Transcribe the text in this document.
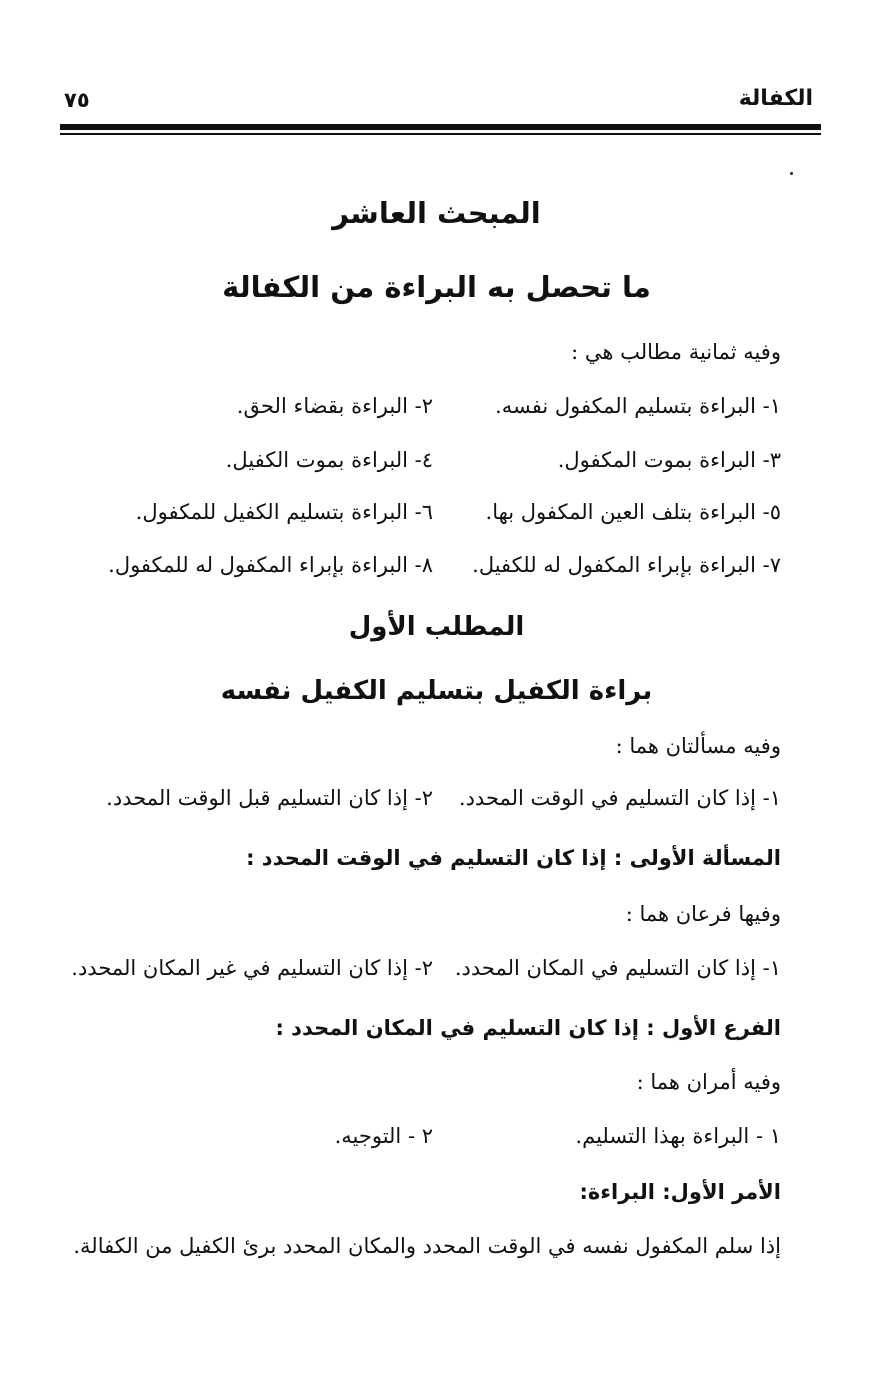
الكفالة
٧٥
المبحث العاشر
ما تحصل به البراءة من الكفالة
وفيه ثمانية مطالب هي :
١- البراءة بتسليم المكفول نفسه.
٢- البراءة بقضاء الحق.
٣- البراءة بموت المكفول.
٤- البراءة بموت الكفيل.
٥- البراءة بتلف العين المكفول بها.
٦- البراءة بتسليم الكفيل للمكفول.
٧- البراءة بإبراء المكفول له للكفيل.
٨- البراءة بإبراء المكفول له للمكفول.
المطلب الأول
براءة الكفيل بتسليم الكفيل نفسه
وفيه مسألتان هما :
١- إذا كان التسليم في الوقت المحدد.
٢- إذا كان التسليم قبل الوقت المحدد.
المسألة الأولى : إذا كان التسليم في الوقت المحدد :
وفيها فرعان هما :
١- إذا كان التسليم في المكان المحدد.
٢- إذا كان التسليم في غير المكان المحدد.
الفرع الأول : إذا كان التسليم في المكان المحدد :
وفيه أمران هما :
١ - البراءة بهذا التسليم.
٢ - التوجيه.
الأمر الأول: البراءة:
إذا سلم المكفول نفسه في الوقت المحدد والمكان المحدد برئ الكفيل من الكفالة.
